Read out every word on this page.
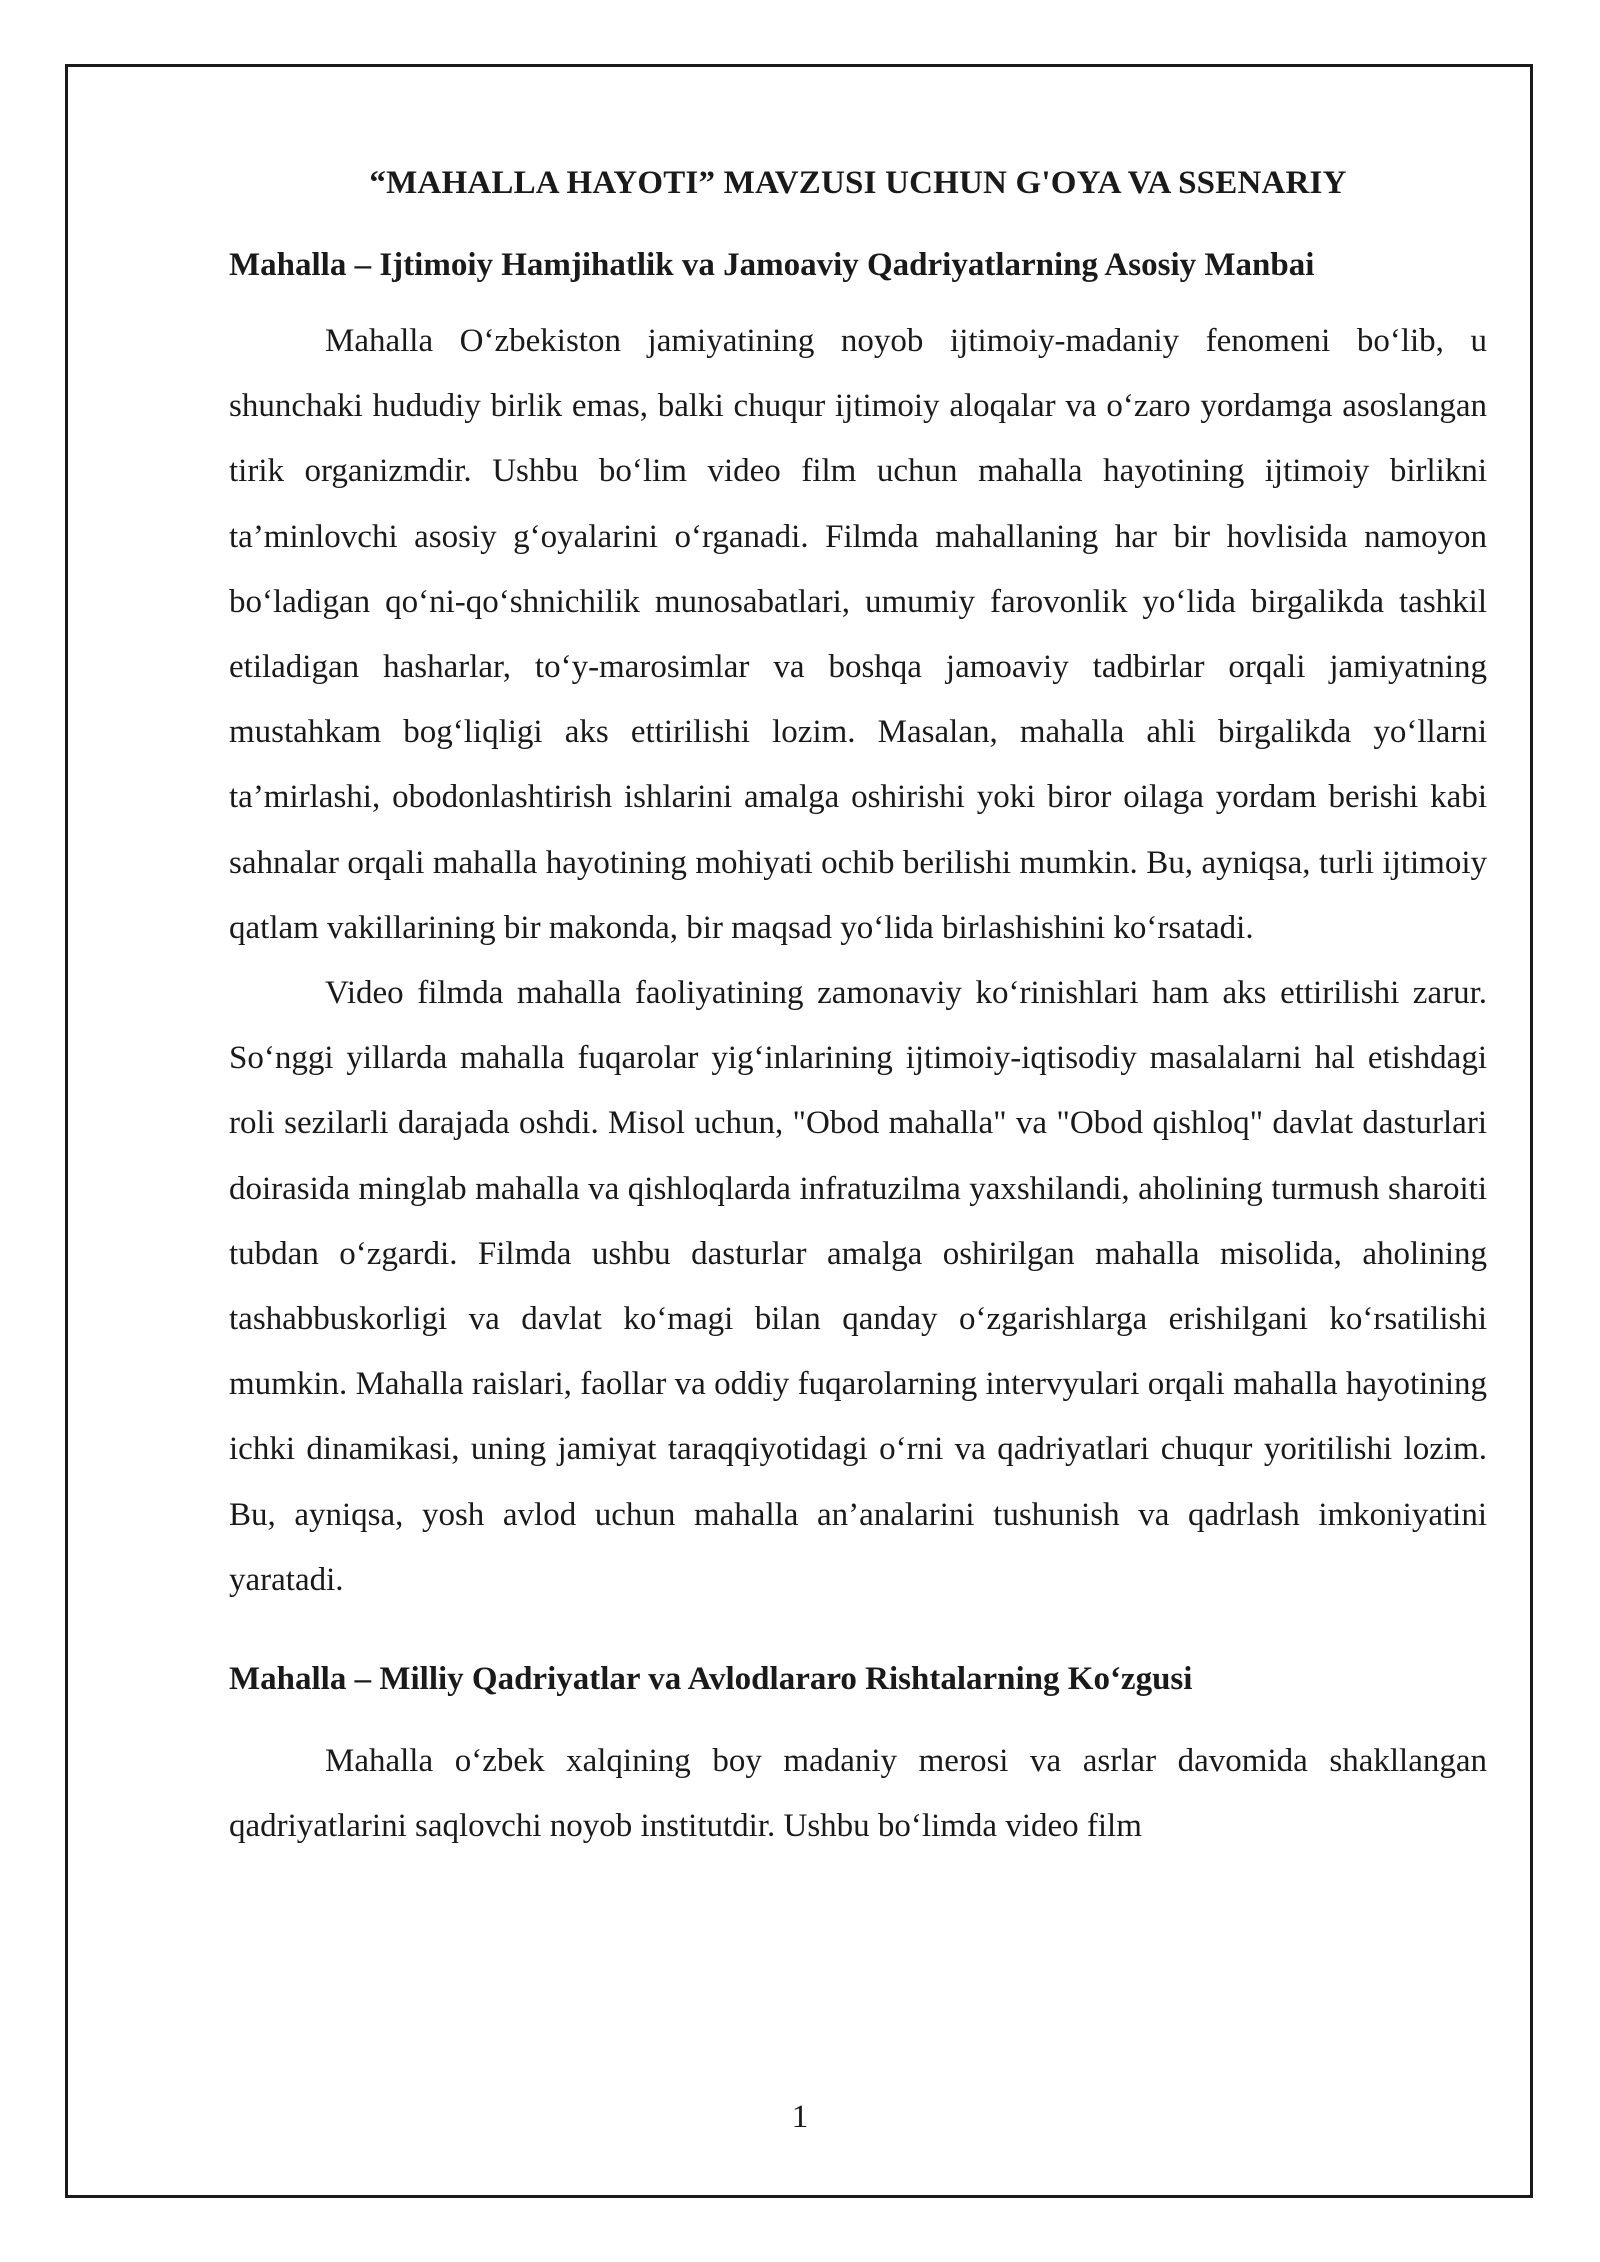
“MAHALLA HAYOTI” MAVZUSI UCHUN G'OYA VA SSENARIY
Mahalla – Ijtimoiy Hamjihatlik va Jamoaviy Qadriyatlarning Asosiy Manbai

Mahalla O‘zbekiston jamiyatining noyob ijtimoiy-madaniy fenomeni bo‘lib, u shunchaki hududiy birlik emas, balki chuqur ijtimoiy aloqalar va o‘zaro yordamga asoslangan tirik organizmdir. Ushbu bo‘lim video film uchun mahalla hayotining ijtimoiy birlikni ta’minlovchi asosiy g‘oyalarini o‘rganadi. Filmda mahallaning har bir hovlisida namoyon bo‘ladigan qo‘ni-qo‘shnichilik munosabatlari, umumiy farovonlik yo‘lida birgalikda tashkil etiladigan hasharlar, to‘y-marosimlar va boshqa jamoaviy tadbirlar orqali jamiyatning mustahkam bog‘liqligi aks ettirilishi lozim. Masalan, mahalla ahli birgalikda yo‘llarni ta’mirlashi, obodonlashtirish ishlarini amalga oshirishi yoki biror oilaga yordam berishi kabi sahnalar orqali mahalla hayotining mohiyati ochib berilishi mumkin. Bu, ayniqsa, turli ijtimoiy qatlam vakillarining bir makonda, bir maqsad yo‘lida birlashishini ko‘rsatadi.

Video filmda mahalla faoliyatining zamonaviy ko‘rinishlari ham aks ettirilishi zarur. So‘nggi yillarda mahalla fuqarolar yig‘inlarining ijtimoiy-iqtisodiy masalalarni hal etishdagi roli sezilarli darajada oshdi. Misol uchun, "Obod mahalla" va "Obod qishloq" davlat dasturlari doirasida minglab mahalla va qishloqlarda infratuzilma yaxshilandi, aholining turmush sharoiti tubdan o‘zgardi. Filmda ushbu dasturlar amalga oshirilgan mahalla misolida, aholining tashabbuskorligi va davlat ko‘magi bilan qanday o‘zgarishlarga erishilgani ko‘rsatilishi mumkin. Mahalla raislari, faollar va oddiy fuqarolarning intervyulari orqali mahalla hayotining ichki dinamikasi, uning jamiyat taraqqiyotidagi o‘rni va qadriyatlari chuqur yoritilishi lozim. Bu, ayniqsa, yosh avlod uchun mahalla an’analarini tushunish va qadrlash imkoniyatini yaratadi.

Mahalla – Milliy Qadriyatlar va Avlodlararo Rishtalarning Ko‘zgusi

Mahalla o‘zbek xalqining boy madaniy merosi va asrlar davomida shakllangan qadriyatlarini saqlovchi noyob institutdir. Ushbu bo‘limda video film

1
